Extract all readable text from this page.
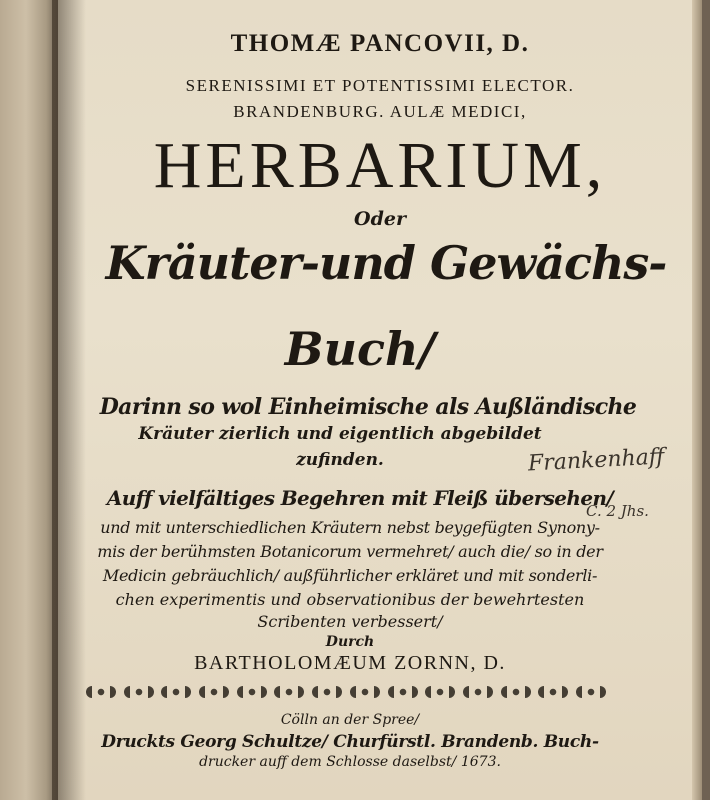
THOMÆ PANCOVII, D.
SERENISSIMI ET POTENTISSIMI ELECTOR.
BRANDENBURG. AULÆ MEDICI,
HERBARIUM,
Oder
Kräuter-und Gewächs-
Buch/
Darinn so wol Einheimische als Außländische
Kräuter zierlich und eigentlich abgebildet
zufinden.
Auff vielfältiges Begehren mit Fleiß übersehen/
und mit unterschiedlichen Kräutern nebst beygefügten Synony-
mis der berühmsten Botanicorum vermehret/ auch die/ so in der
Medicin gebräuchlich/ außführlicher erkläret und mit sonderli-
chen experimentis und observationibus der bewehrtesten
Scribenten verbessert/
Durch
BARTHOLOMÆUM ZORNN, D.
Cölln an der Spree/
Druckts Georg Schultze/ Churfürstl. Brandenb. Buch-
drucker auff dem Schlosse daselbst/ 1673.
Frankenhaff
C. 2 Jhs.
